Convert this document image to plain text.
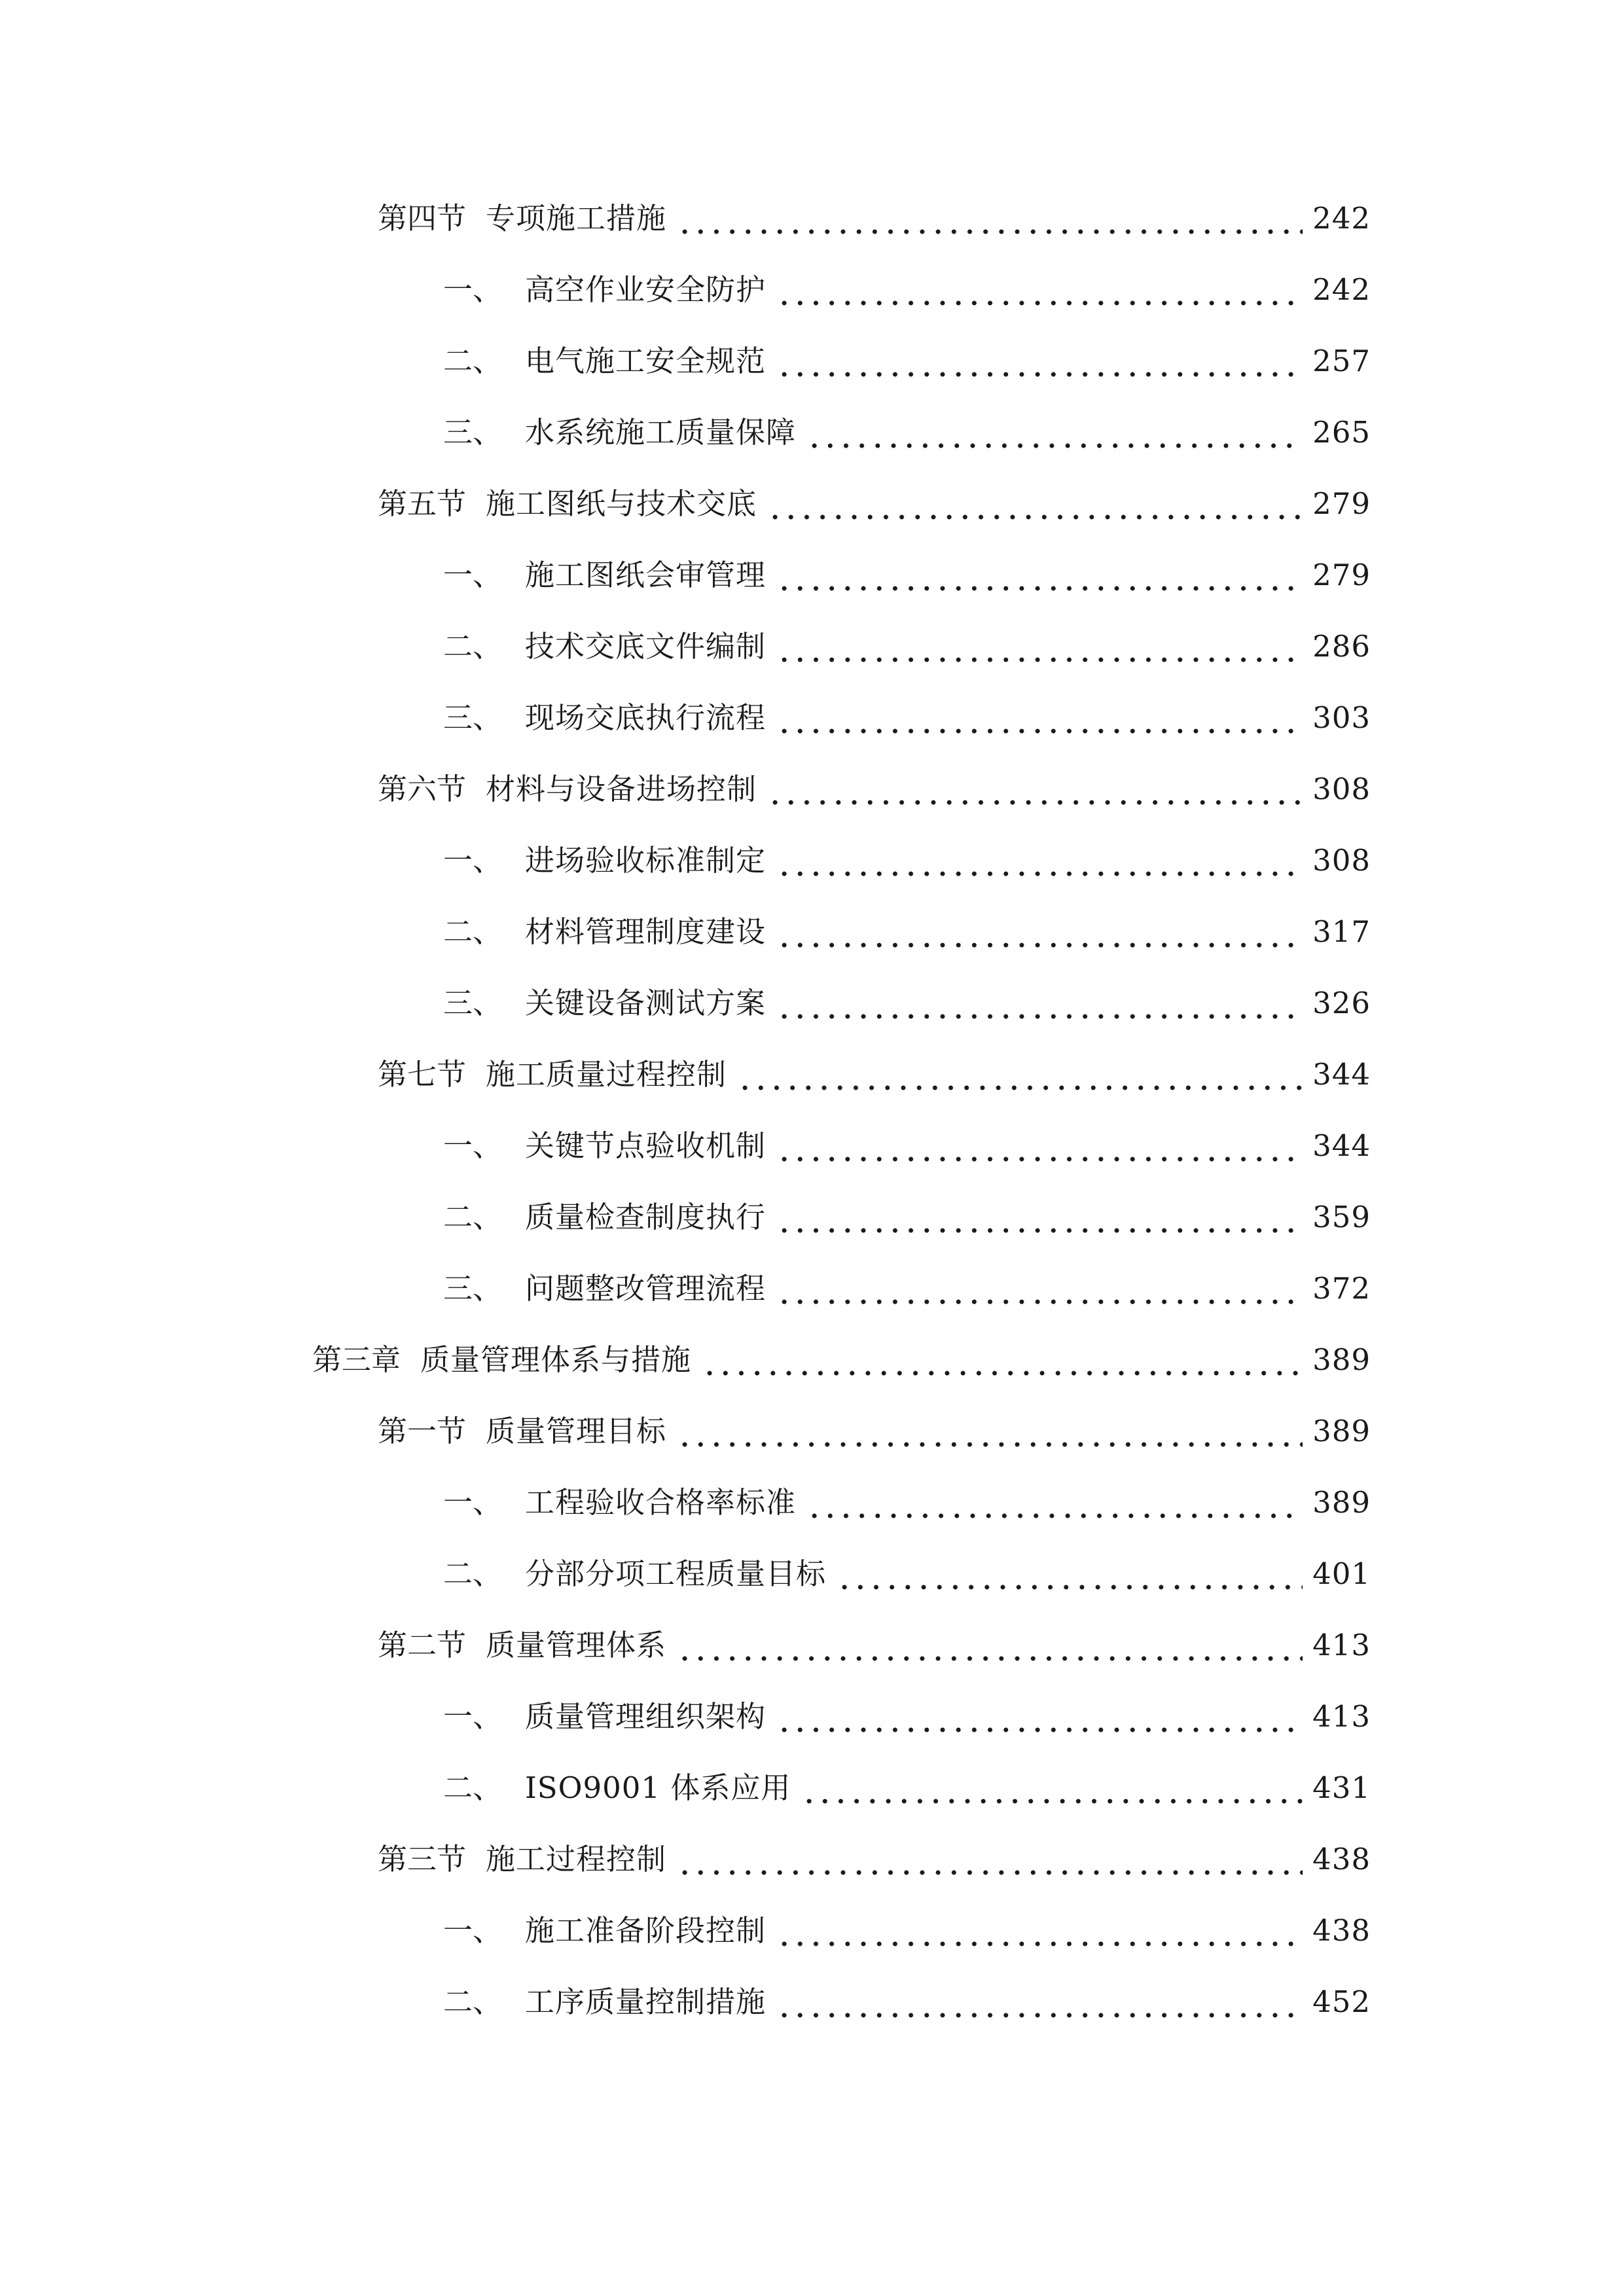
第四节 专项施工措施	242
一、 高空作业安全防护	242
二、 电气施工安全规范	257
三、 水系统施工质量保障	265
第五节 施工图纸与技术交底	279
一、 施工图纸会审管理	279
二、 技术交底文件编制	286
三、 现场交底执行流程	303
第六节 材料与设备进场控制	308
一、 进场验收标准制定	308
二、 材料管理制度建设	317
三、 关键设备测试方案	326
第七节 施工质量过程控制	344
一、 关键节点验收机制	344
二、 质量检查制度执行	359
三、 问题整改管理流程	372
第三章 质量管理体系与措施	389
第一节 质量管理目标	389
一、 工程验收合格率标准	389
二、 分部分项工程质量目标	401
第二节 质量管理体系	413
一、 质量管理组织架构	413
二、 ISO9001 体系应用	431
第三节 施工过程控制	438
一、 施工准备阶段控制	438
二、 工序质量控制措施	452
